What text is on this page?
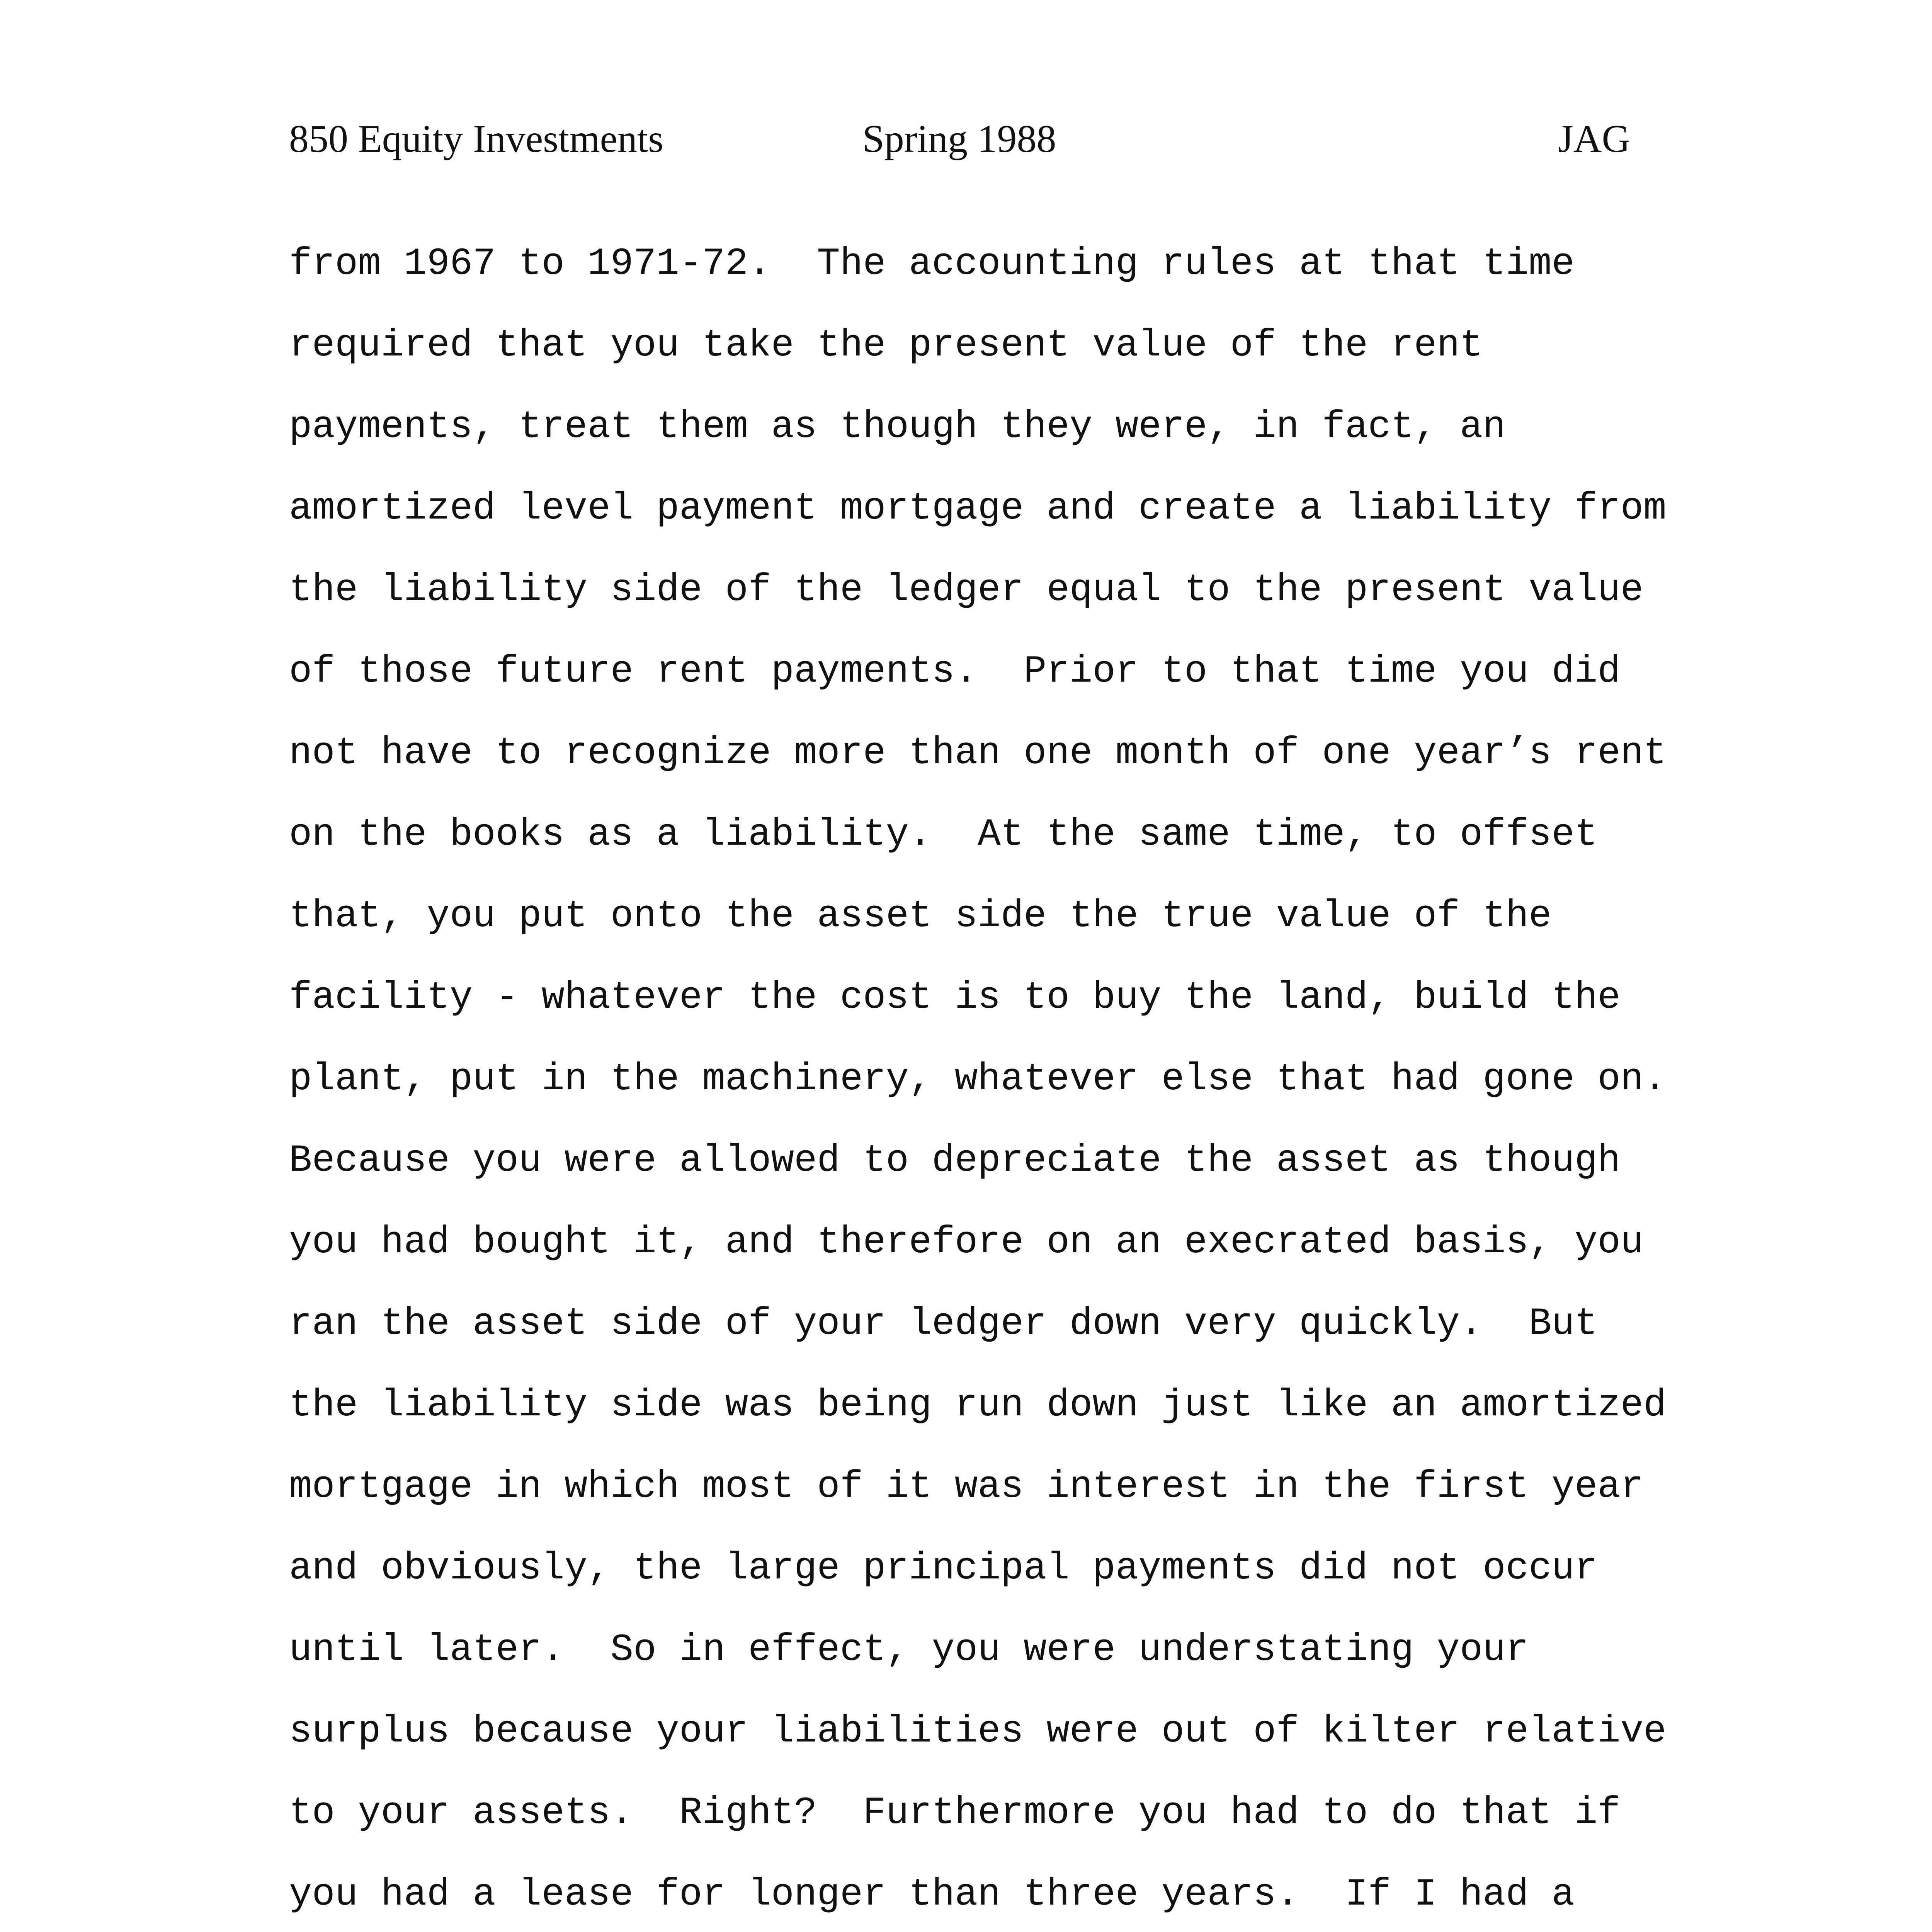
850 Equity Investments	Spring 1988	JAG
from 1967 to 1971-72.  The accounting rules at that time
required that you take the present value of the rent
payments, treat them as though they were, in fact, an
amortized level payment mortgage and create a liability from
the liability side of the ledger equal to the present value
of those future rent payments.  Prior to that time you did
not have to recognize more than one month of one year’s rent
on the books as a liability.  At the same time, to offset
that, you put onto the asset side the true value of the
facility - whatever the cost is to buy the land, build the
plant, put in the machinery, whatever else that had gone on.
Because you were allowed to depreciate the asset as though
you had bought it, and therefore on an execrated basis, you
ran the asset side of your ledger down very quickly.  But
the liability side was being run down just like an amortized
mortgage in which most of it was interest in the first year
and obviously, the large principal payments did not occur
until later.  So in effect, you were understating your
surplus because your liabilities were out of kilter relative
to your assets.  Right?  Furthermore you had to do that if
you had a lease for longer than three years.  If I had a
